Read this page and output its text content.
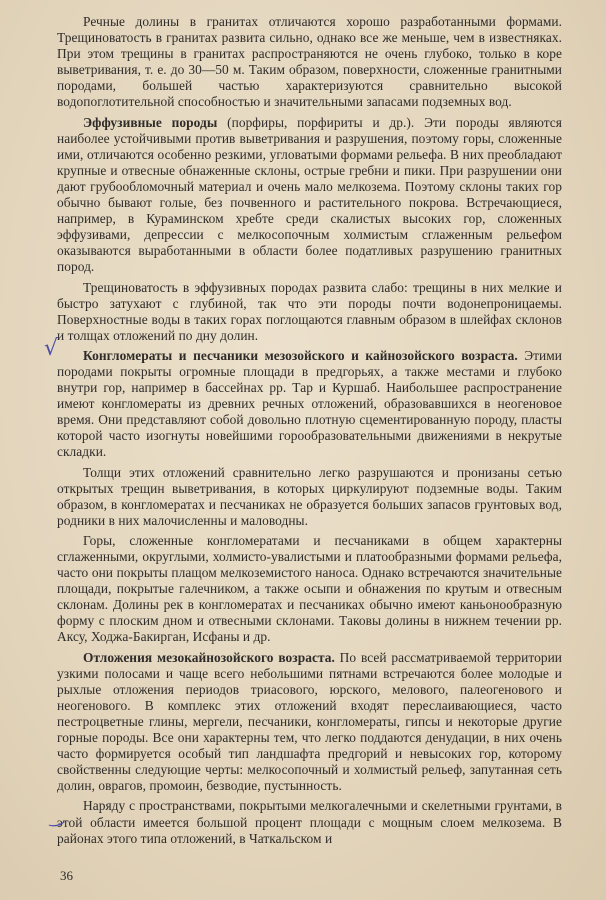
Речные долины в гранитах отличаются хорошо разработанными формами. Трещиноватость в гранитах развита сильно, однако все же меньше, чем в известняках. При этом трещины в гранитах распространяются не очень глубоко, только в коре выветривания, т. е. до 30—50 м. Таким образом, поверхности, сложенные гранитными породами, большей частью характеризуются сравнительно высокой водопоглотительной способностью и значительными запасами подземных вод.

Эффузивные породы (порфиры, порфириты и др.). Эти породы являются наиболее устойчивыми против выветривания и разрушения, поэтому горы, сложенные ими, отличаются особенно резкими, угловатыми формами рельефа. В них преобладают крупные и отвесные обнаженные склоны, острые гребни и пики. При разрушении они дают грубообломочный материал и очень мало мелкозема. Поэтому склоны таких гор обычно бывают голые, без почвенного и растительного покрова. Встречающиеся, например, в Кураминском хребте среди скалистых высоких гор, сложенных эффузивами, депрессии с мелкосопочным холмистым сглаженным рельефом оказываются выработанными в области более податливых разрушению гранитных пород.

Трещиноватость в эффузивных породах развита слабо: трещины в них мелкие и быстро затухают с глубиной, так что эти породы почти водонепроницаемы. Поверхностные воды в таких горах поглощаются главным образом в шлейфах склонов и толщах отложений по дну долин.

Конгломераты и песчаники мезозойского и кайнозойского возраста. Этими породами покрыты огромные площади в предгорьях, а также местами и глубоко внутри гор, например в бассейнах рр. Тар и Куршаб. Наибольшее распространение имеют конгломераты из древних речных отложений, образовавшихся в неогеновое время. Они представляют собой довольно плотную сцементированную породу, пласты которой часто изогнуты новейшими горообразовательными движениями в некрутые складки.

Толщи этих отложений сравнительно легко разрушаются и пронизаны сетью открытых трещин выветривания, в которых циркулируют подземные воды. Таким образом, в конгломератах и песчаниках не образуется больших запасов грунтовых вод, родники в них малочисленны и маловодны.

Горы, сложенные конгломератами и песчаниками в общем характерны сглаженными, округлыми, холмисто-увалистыми и платообразными формами рельефа, часто они покрыты плащом мелкоземистого наноса. Однако встречаются значительные площади, покрытые галечником, а также осыпи и обнажения по крутым и отвесным склонам. Долины рек в конгломератах и песчаниках обычно имеют каньонообразную форму с плоским дном и отвесными склонами. Таковы долины в нижнем течении рр. Аксу, Ходжа-Бакирган, Исфаны и др.

Отложения мезокайнозойского возраста. По всей рассматриваемой территории узкими полосами и чаще всего небольшими пятнами встречаются более молодые и рыхлые отложения периодов триасового, юрского, мелового, палеогенового и неогенового. В комплекс этих отложений входят переслаивающиеся, часто пестроцветные глины, мергели, песчаники, конгломераты, гипсы и некоторые другие горные породы. Все они характерны тем, что легко поддаются денудации, в них очень часто формируется особый тип ландшафта предгорий и невысоких гор, которому свойственны следующие черты: мелкосопочный и холмистый рельеф, запутанная сеть долин, оврагов, промоин, безводие, пустынность.

Наряду с пространствами, покрытыми мелкогалечными и скелетными грунтами, в этой области имеется большой процент площади с мощным слоем мелкозема. В районах этого типа отложений, в Чаткальском и

√
‿
36
